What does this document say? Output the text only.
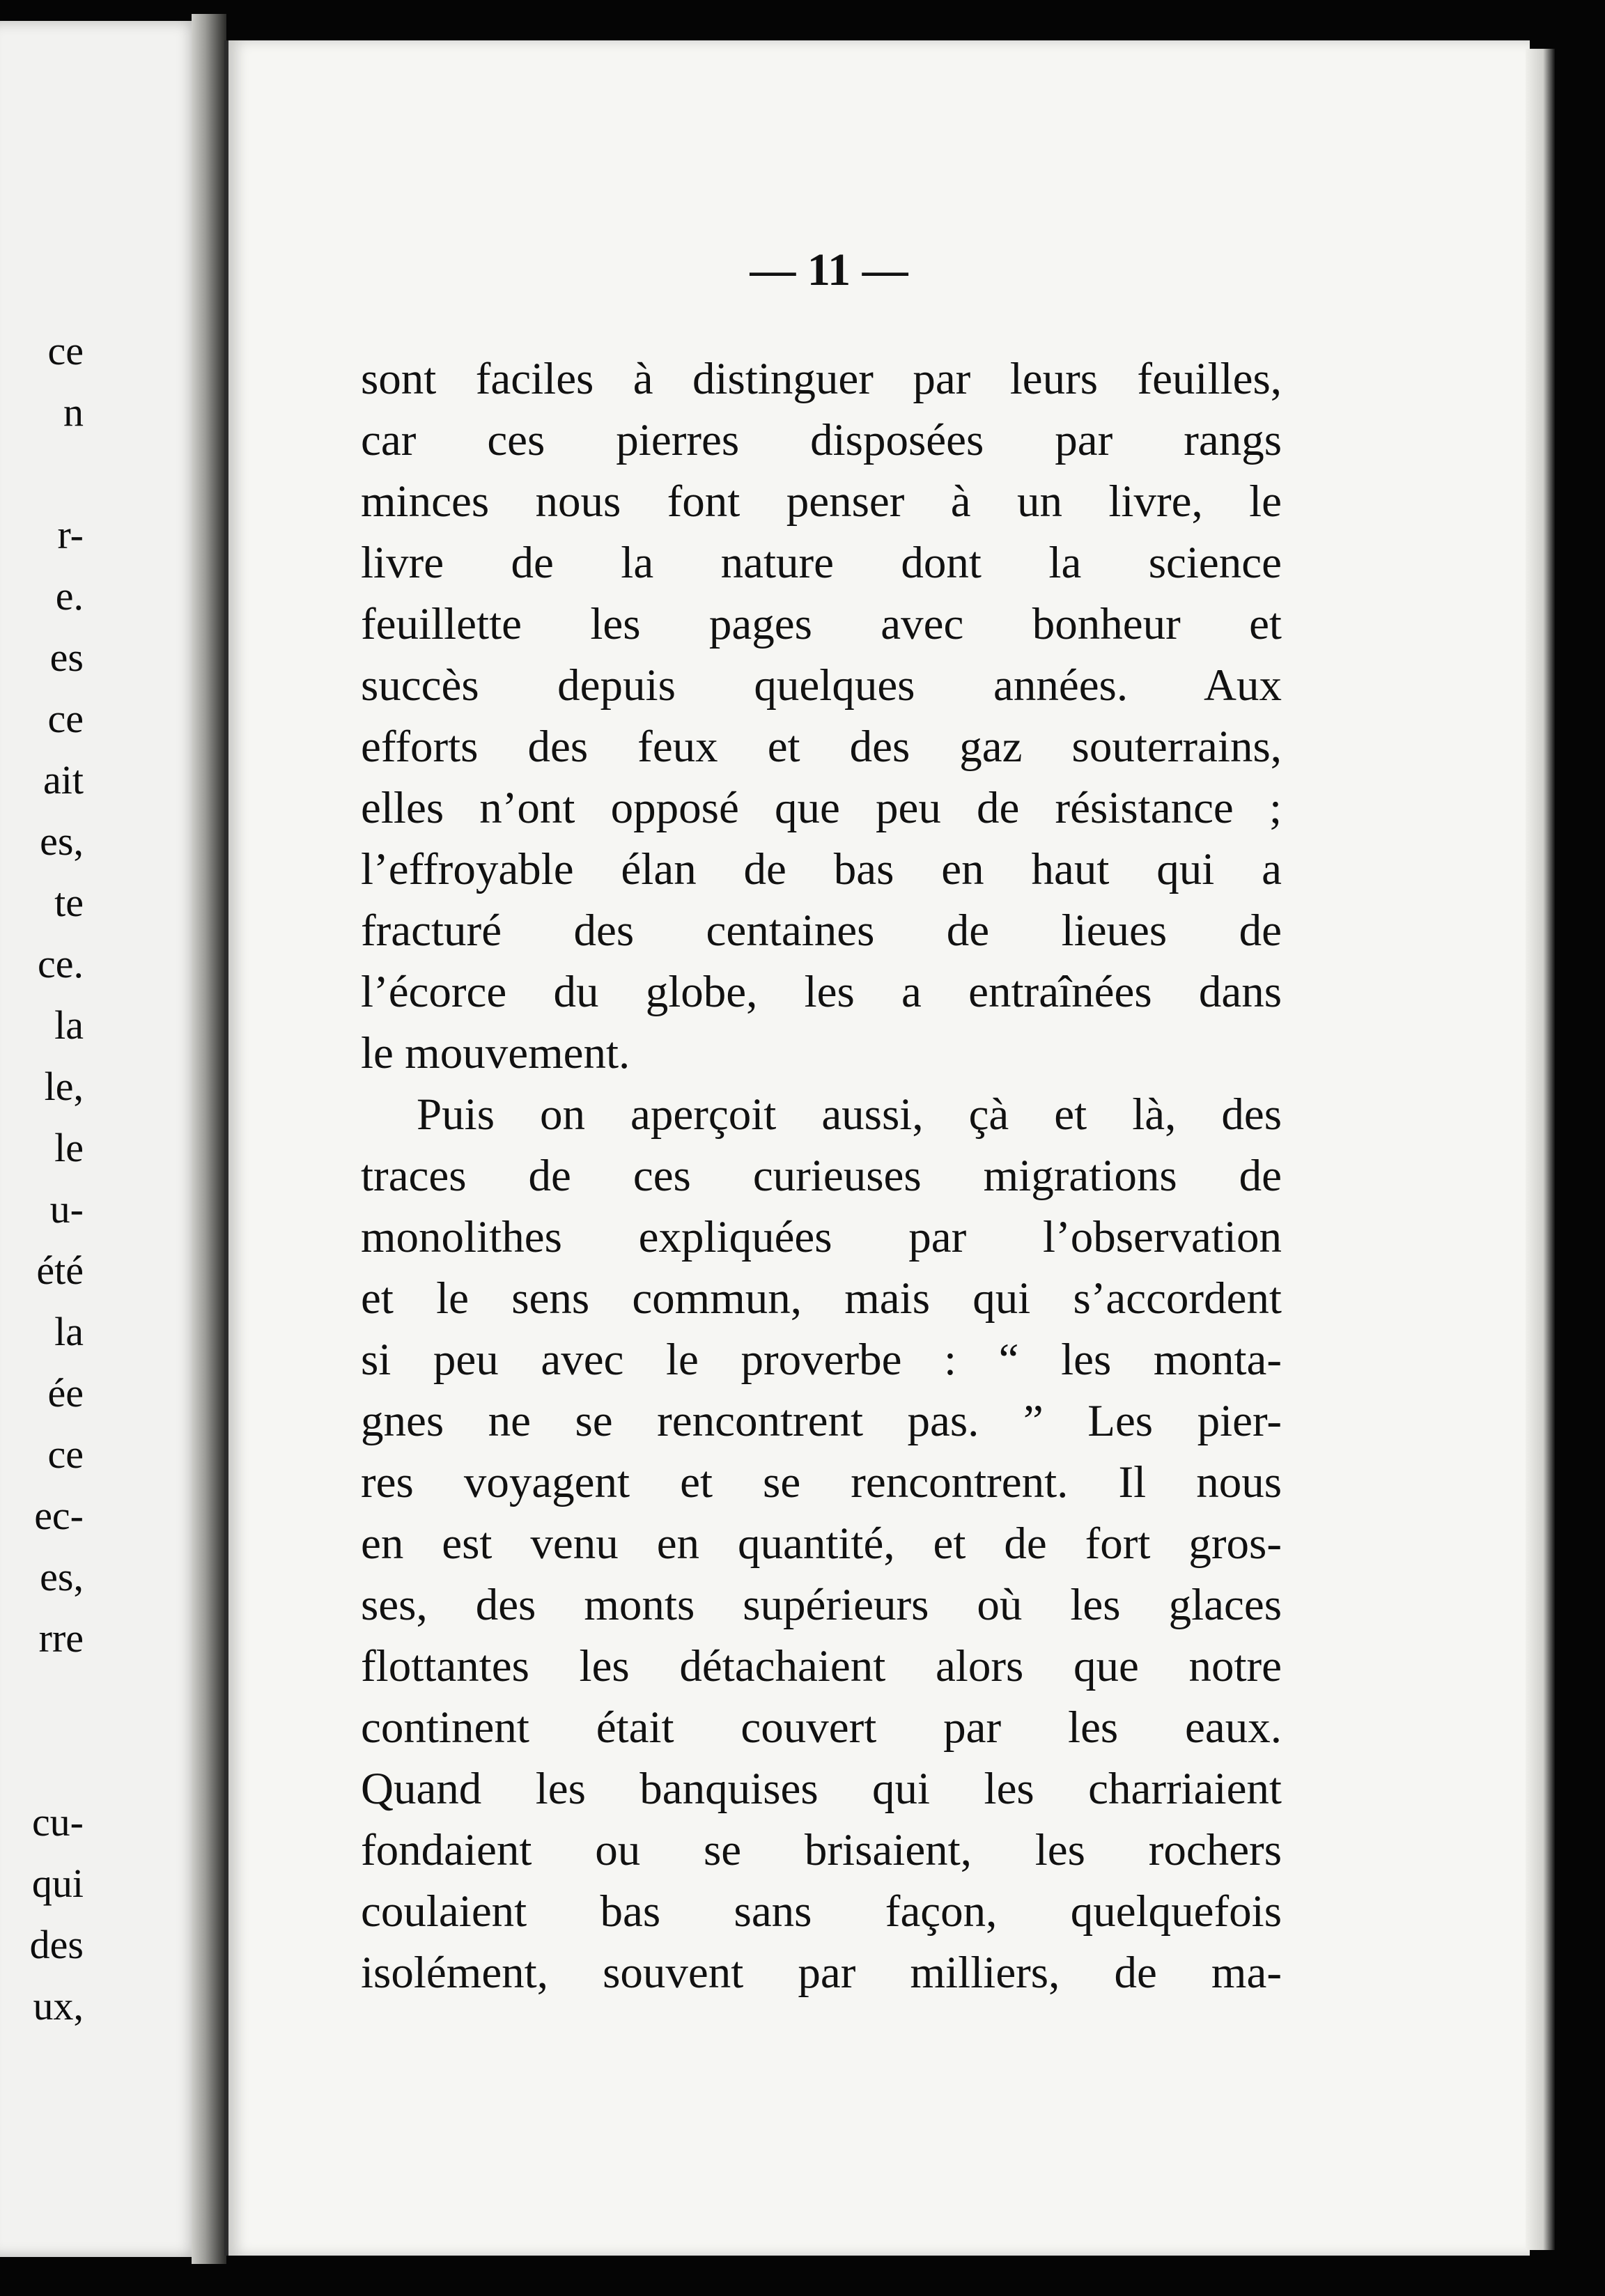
ce
n
r-
e.
es
ce
ait
es,
te
ce.
la
le,
le
u-
été
la
ée
ce
ec-
es,
rre
cu-
qui
des
ux,
— 11 —
sont faciles à distinguer par leurs feuilles,
car ces pierres disposées par rangs
minces nous font penser à un livre, le
livre de la nature dont la science
feuillette les pages avec bonheur et
succès depuis quelques années. Aux
efforts des feux et des gaz souterrains,
elles n’ont opposé que peu de résistance ;
l’effroyable élan de bas en haut qui a
fracturé des centaines de lieues de
l’écorce du globe, les a entraînées dans
le mouvement.
Puis on aperçoit aussi, çà et là, des
traces de ces curieuses migrations de
monolithes expliquées par l’observation
et le sens commun, mais qui s’accordent
si peu avec le proverbe : “ les monta-
gnes ne se rencontrent pas. ” Les pier-
res voyagent et se rencontrent. Il nous
en est venu en quantité, et de fort gros-
ses, des monts supérieurs où les glaces
flottantes les détachaient alors que notre
continent était couvert par les eaux.
Quand les banquises qui les charriaient
fondaient ou se brisaient, les rochers
coulaient bas sans façon, quelquefois
isolément, souvent par milliers, de ma-
